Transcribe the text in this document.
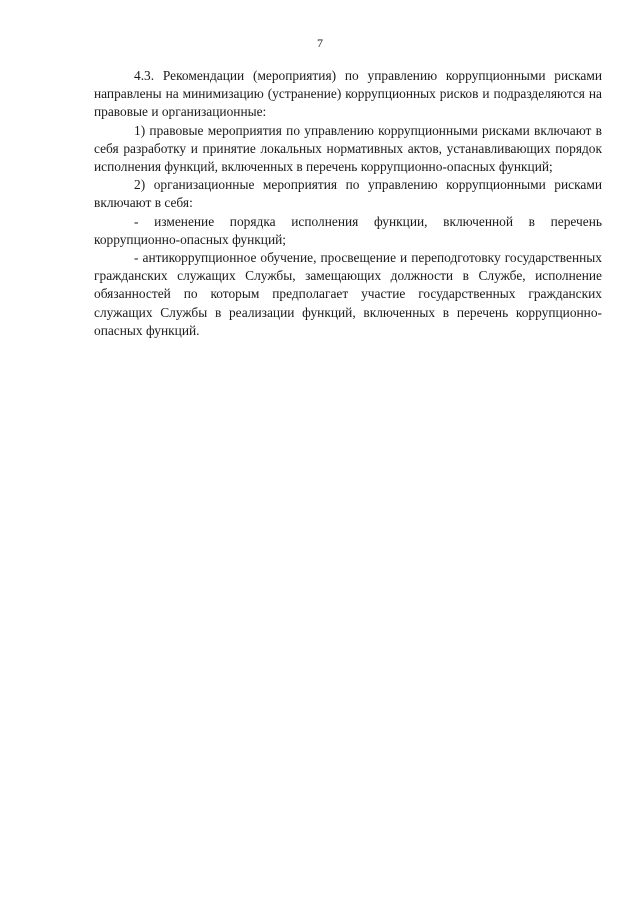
7

4.3. Рекомендации (мероприятия) по управлению коррупционными рисками направлены на минимизацию (устранение) коррупционных рисков и подразделяются на правовые и организационные:

1) правовые мероприятия по управлению коррупционными рисками включают в себя разработку и принятие локальных нормативных актов, устанавливающих порядок исполнения функций, включенных в перечень коррупционно-опасных функций;

2) организационные мероприятия по управлению коррупционными рисками включают в себя:

- изменение порядка исполнения функции, включенной в перечень коррупционно-опасных функций;

- антикоррупционное обучение, просвещение и переподготовку государственных гражданских служащих Службы, замещающих должности в Службе, исполнение обязанностей по которым предполагает участие государственных гражданских служащих Службы в реализации функций, включенных в перечень коррупционно-опасных функций.
